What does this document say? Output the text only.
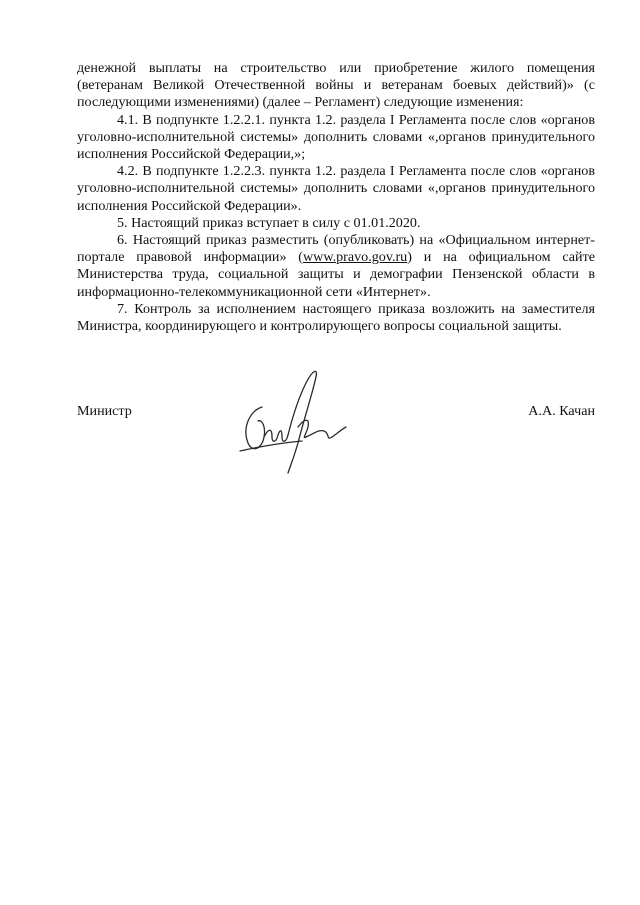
денежной выплаты на строительство или приобретение жилого помещения (ветеранам Великой Отечественной войны и ветеранам боевых действий)» (с последующими изменениями) (далее – Регламент) следующие изменения:

4.1. В подпункте 1.2.2.1. пункта 1.2. раздела I Регламента после слов «органов уголовно-исполнительной системы» дополнить словами «,органов принудительного исполнения Российской Федерации,»;

4.2. В подпункте 1.2.2.3. пункта 1.2. раздела I Регламента после слов «органов уголовно-исполнительной системы» дополнить словами «,органов принудительного исполнения Российской Федерации».

5. Настоящий приказ вступает в силу с 01.01.2020.

6. Настоящий приказ разместить (опубликовать) на «Официальном интернет-портале правовой информации» (www.pravo.gov.ru) и на официальном сайте Министерства труда, социальной защиты и демографии Пензенской области в информационно-телекоммуникационной сети «Интернет».

7. Контроль за исполнением настоящего приказа возложить на заместителя Министра, координирующего и контролирующего вопросы социальной защиты.

Министр	А.А. Качан
